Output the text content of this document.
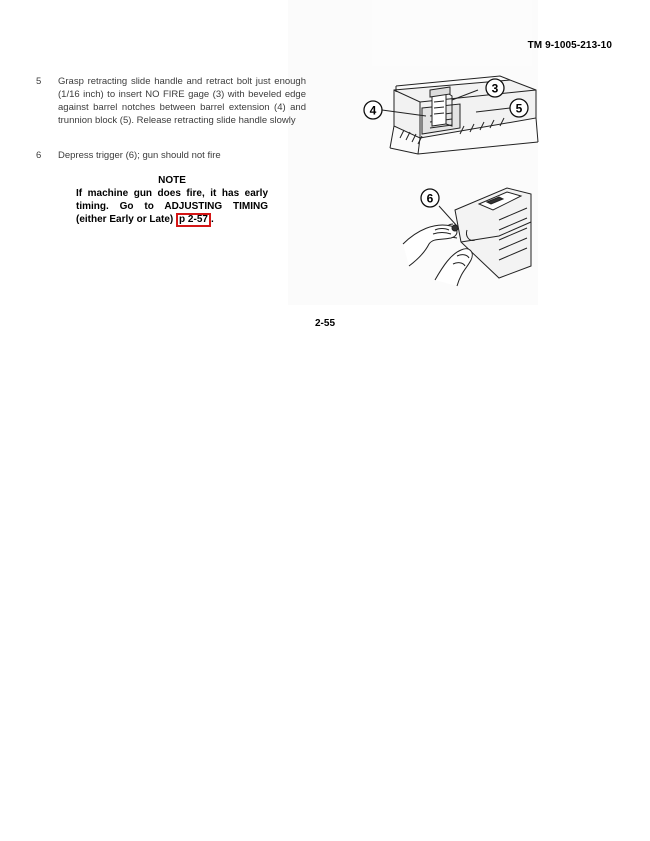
TM 9-1005-213-10
5 Grasp retracting slide handle and retract bolt just enough (1/16 inch) to insert NO FIRE gage (3) with beveled edge against barrel notches between barrel extension (4) and trunnion block (5). Release retracting slide handle slowly
6 Depress trigger (6); gun should not fire
NOTE
If machine gun does fire, it has early timing. Go to ADJUSTING TIMING (either Early or Late) p 2-57 .
3
4	5
6
2-55
